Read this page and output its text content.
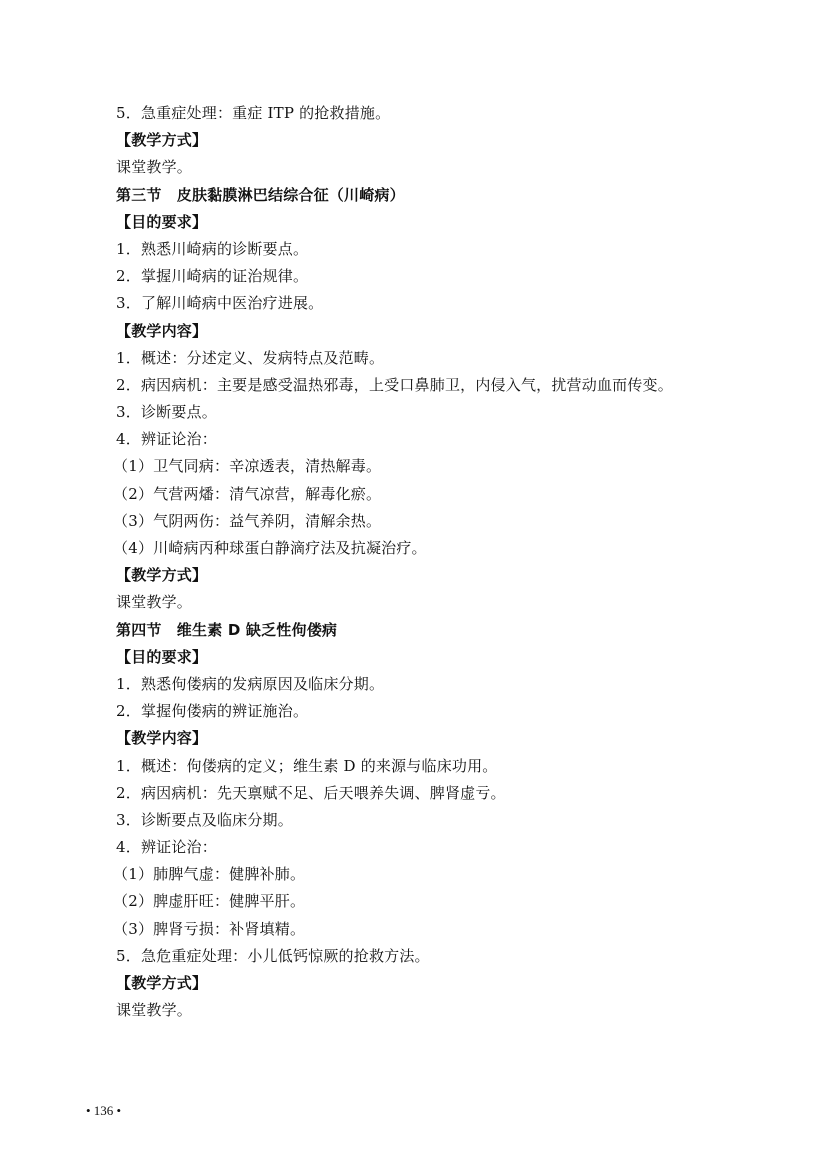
5．急重症处理：重症 ITP 的抢救措施。
【教学方式】
课堂教学。
第三节　皮肤黏膜淋巴结综合征（川崎病）
【目的要求】
1．熟悉川崎病的诊断要点。
2．掌握川崎病的证治规律。
3．了解川崎病中医治疗进展。
【教学内容】
1．概述：分述定义、发病特点及范畴。
2．病因病机：主要是感受温热邪毒，上受口鼻肺卫，内侵入气，扰营动血而传变。
3．诊断要点。
4．辨证论治：
（1）卫气同病：辛凉透表，清热解毒。
（2）气营两燔：清气凉营，解毒化瘀。
（3）气阴两伤：益气养阴，清解余热。
（4）川崎病丙种球蛋白静滴疗法及抗凝治疗。
【教学方式】
课堂教学。
第四节　维生素 D 缺乏性佝偻病
【目的要求】
1．熟悉佝偻病的发病原因及临床分期。
2．掌握佝偻病的辨证施治。
【教学内容】
1．概述：佝偻病的定义；维生素 D 的来源与临床功用。
2．病因病机：先天禀赋不足、后天喂养失调、脾肾虚亏。
3．诊断要点及临床分期。
4．辨证论治：
（1）肺脾气虚：健脾补肺。
（2）脾虚肝旺：健脾平肝。
（3）脾肾亏损：补肾填精。
5．急危重症处理：小儿低钙惊厥的抢救方法。
【教学方式】
课堂教学。
• 136 •
